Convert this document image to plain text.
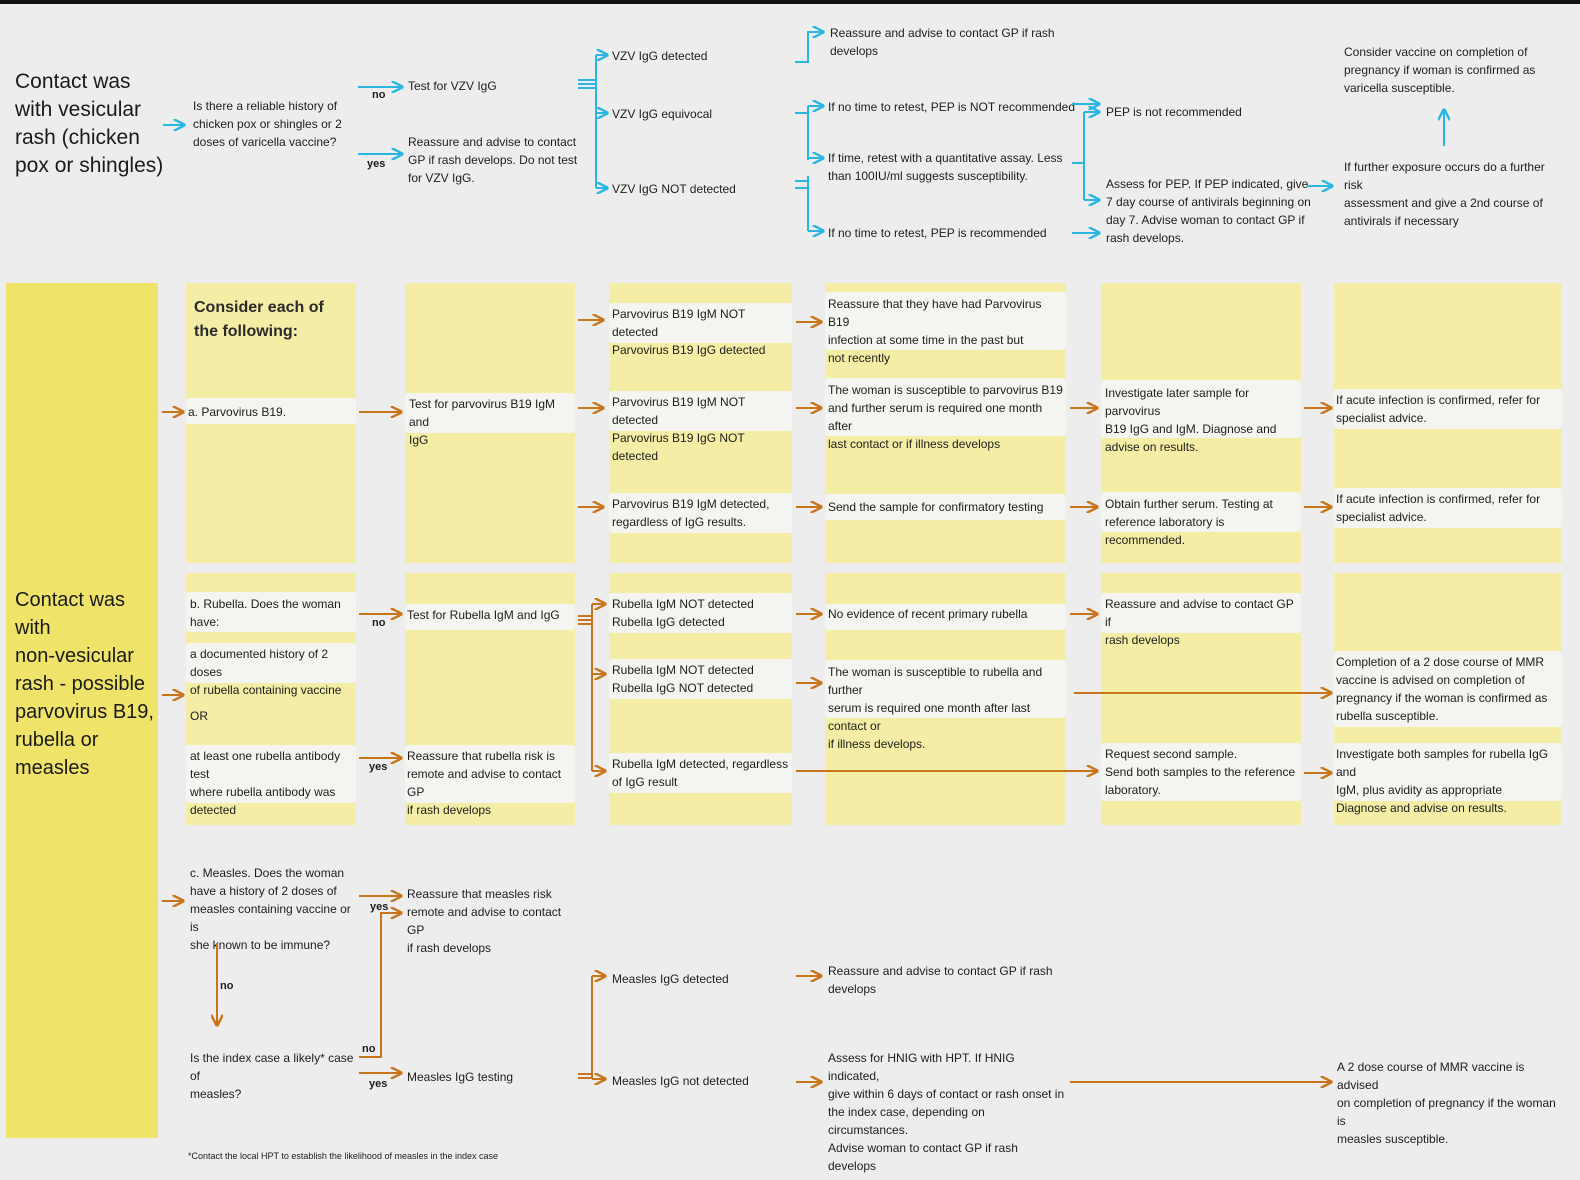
Contact was
with vesicular
rash (chicken
pox or shingles)
Is there a reliable history of
chicken pox or shingles or 2
doses of varicella vaccine?
no
yes
Test for VZV IgG
Reassure and advise to contact
GP if rash develops. Do not test
for VZV IgG.
VZV IgG detected
VZV IgG equivocal
VZV IgG NOT detected
Reassure and advise to contact GP if rash
develops
If no time to retest, PEP is NOT recommended
If time, retest with a quantitative assay. Less
than 100IU/ml suggests susceptibility.
If no time to retest, PEP is recommended
PEP is not recommended
Assess for PEP. If PEP indicated, give
7 day course of antivirals beginning on
day 7. Advise woman to contact GP if
rash develops.
Consider vaccine on completion of
pregnancy if woman is confirmed as
varicella susceptible.
If further exposure occurs do a further risk
assessment and give a 2nd course of
antivirals if necessary
Contact was
with
non-vesicular
rash - possible
parvovirus B19,
rubella or
measles
Consider each of
the following:
a. Parvovirus B19.
Test for parvovirus B19 IgM and
IgG
Parvovirus B19 IgM NOT detected
Parvovirus B19 IgG detected
Parvovirus B19 IgM NOT detected
Parvovirus B19 IgG NOT detected
Parvovirus B19 IgM detected,
regardless of IgG results.
Reassure that they have had Parvovirus B19
infection at some time in the past but
not recently
The woman is susceptible to parvovirus B19
and further serum is required one month after
last contact or if illness develops
Send the sample for confirmatory testing
Investigate later sample for parvovirus
B19 IgG and IgM. Diagnose and
advise on results.
Obtain further serum. Testing at
reference laboratory is recommended.
If acute infection is confirmed, refer for
specialist advice.
If acute infection is confirmed, refer for
specialist advice.
b. Rubella. Does the woman
have:
a documented history of 2 doses
of rubella containing vaccine
OR
at least one rubella antibody test
where rubella antibody was
detected
no
yes
Test for Rubella IgM and IgG
Reassure that rubella risk is
remote and advise to contact GP
if rash develops
Rubella IgM NOT detected
Rubella IgG detected
Rubella IgM NOT detected
Rubella IgG NOT detected
Rubella IgM detected, regardless
of IgG result
No evidence of recent primary rubella
The woman is susceptible to rubella and further
serum is required one month after last contact or
if illness develops.
Reassure and advise to contact GP if
rash develops
Request second sample.
Send both samples to the reference
laboratory.
Completion of a 2 dose course of MMR
vaccine is advised on completion of
pregnancy if the woman is confirmed as
rubella susceptible.
Investigate both samples for rubella IgG and
IgM, plus avidity as appropriate
Diagnose and advise on results.
c. Measles. Does the woman
have a history of 2 doses of
measles containing vaccine or is
she known to be immune?
yes
no
Reassure that measles risk
remote and advise to contact GP
if rash develops
Is the index case a likely* case of
measles?
no
yes Measles IgG testing
Measles IgG detected
Measles IgG not detected
Reassure and advise to contact GP if rash
develops
Assess for HNIG with HPT. If HNIG indicated,
give within 6 days of contact or rash onset in
the index case, depending on circumstances.
Advise woman to contact GP if rash develops
A 2 dose course of MMR vaccine is advised
on completion of pregnancy if the woman is
measles susceptible.
*Contact the local HPT to establish the likelihood of measles in the index case
